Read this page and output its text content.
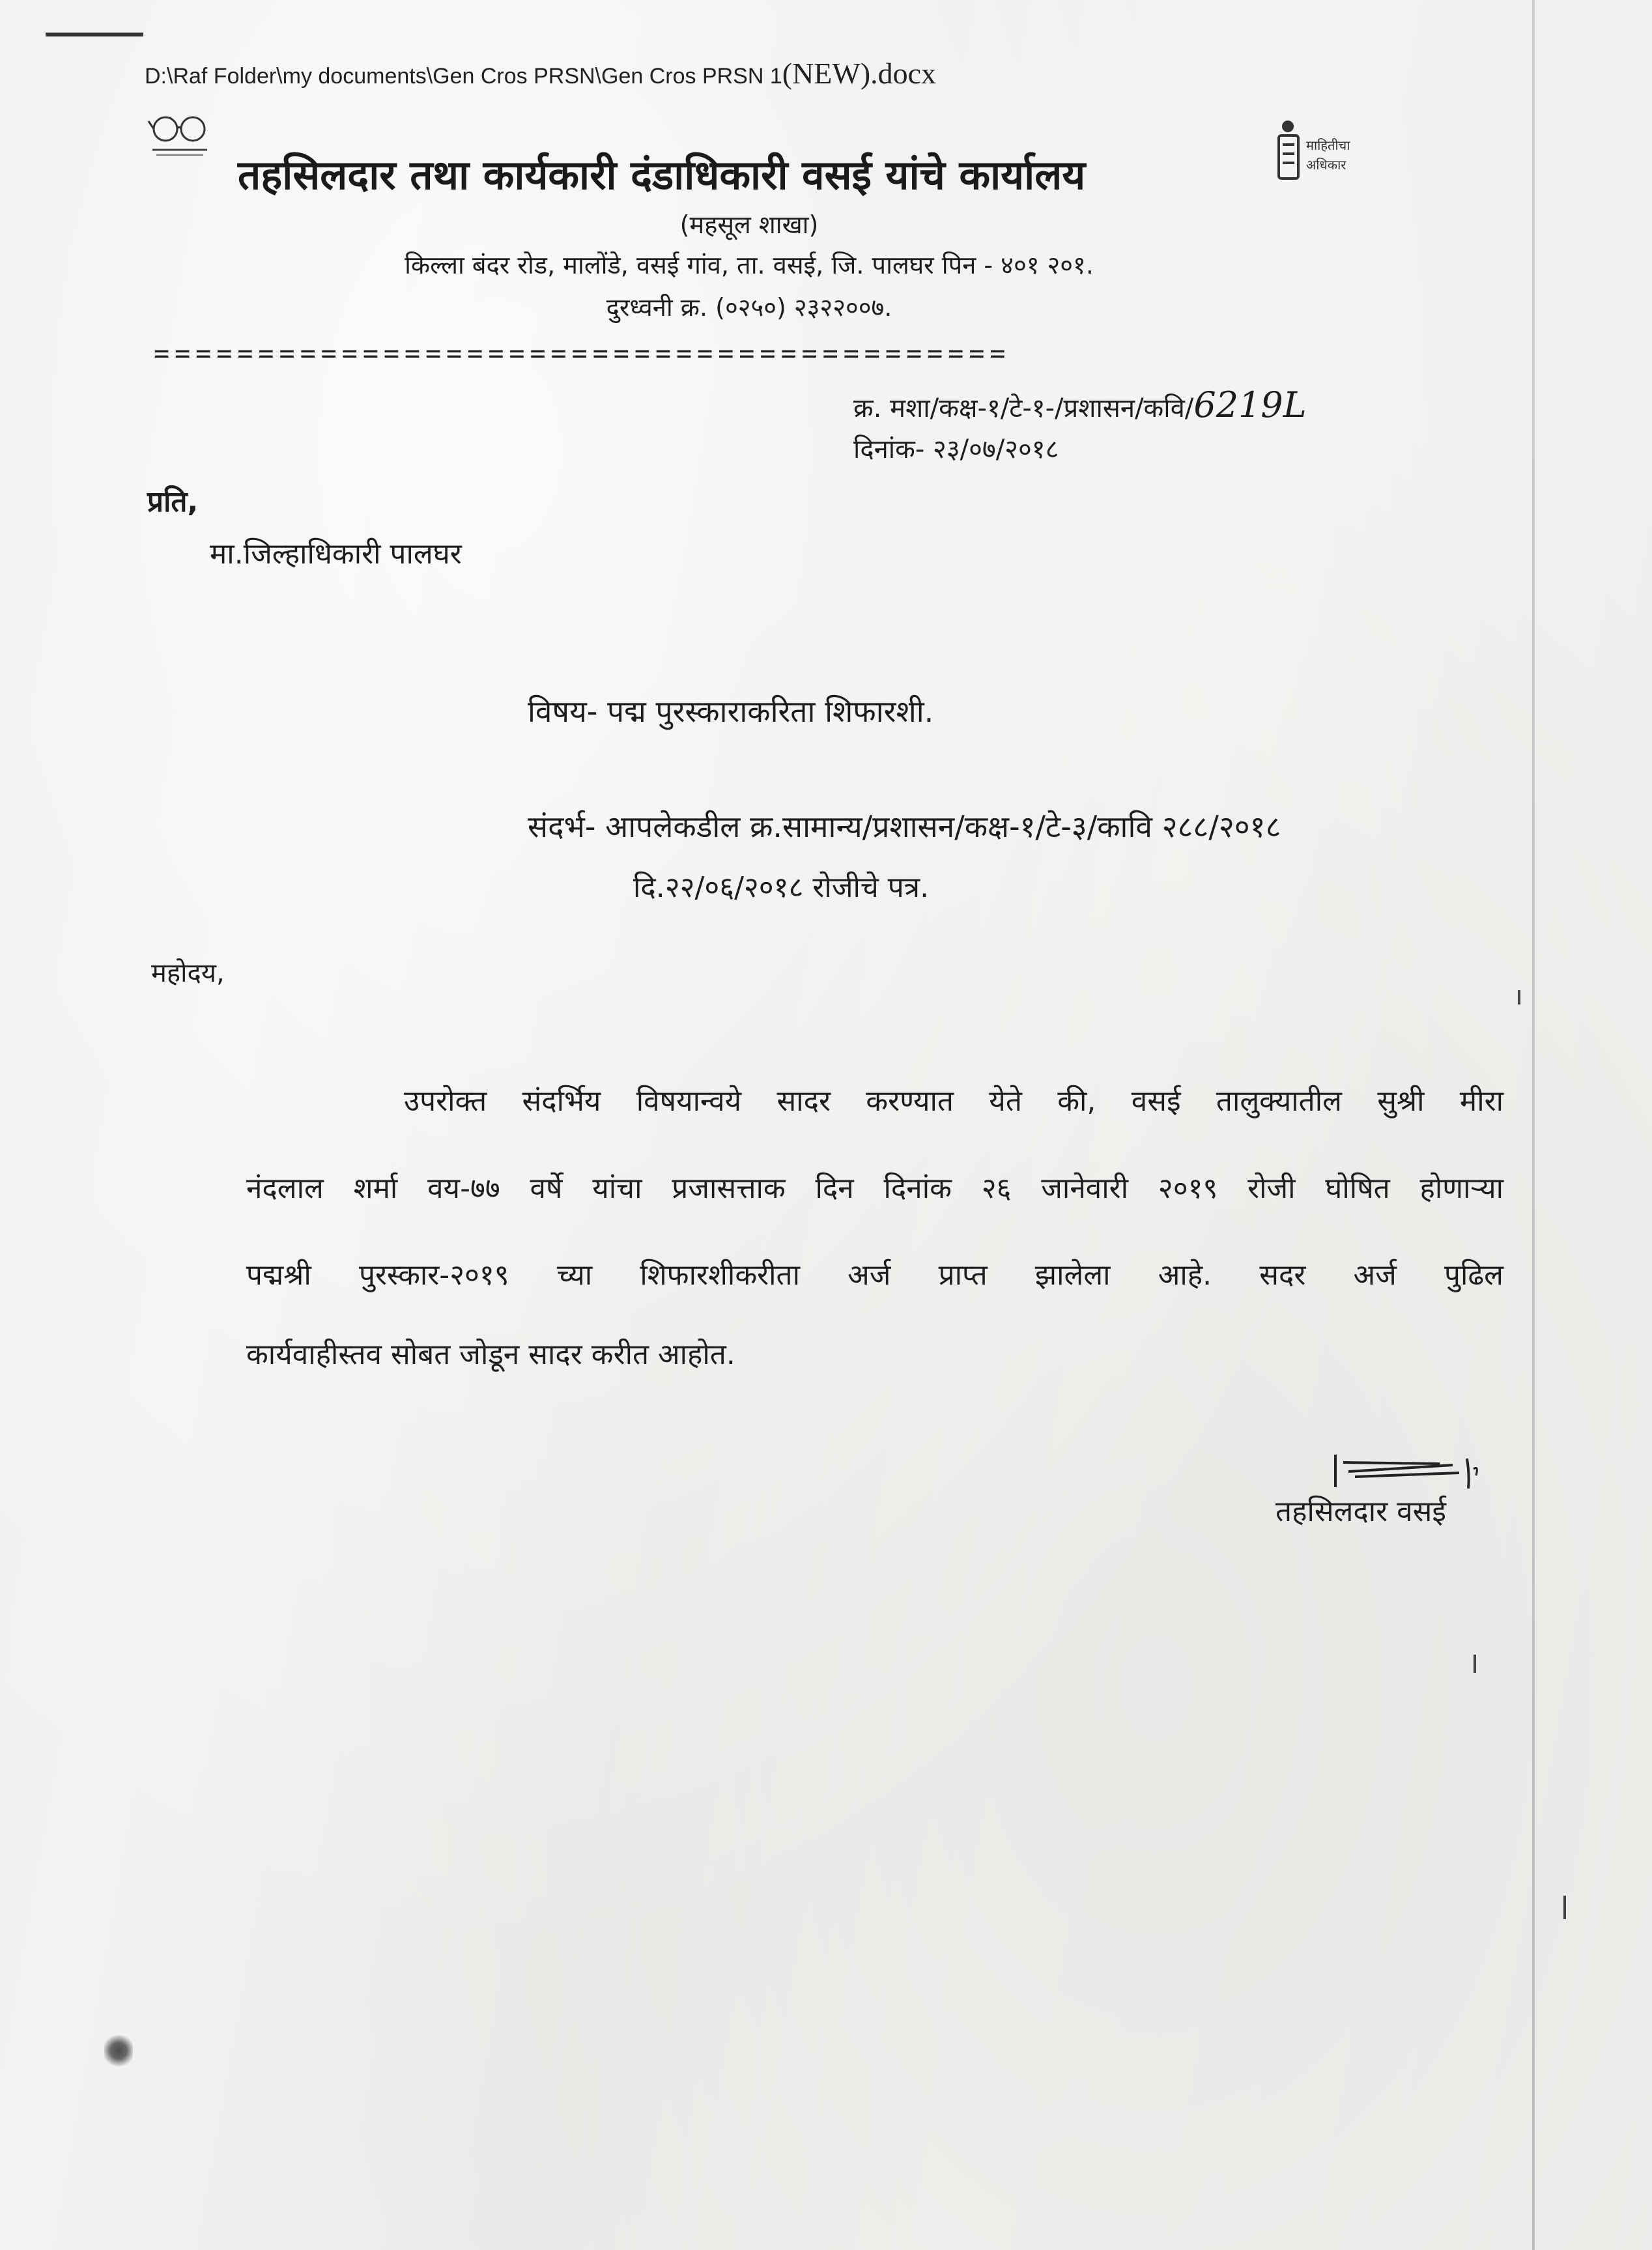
D:\Raf Folder\my documents\Gen Cros PRSN\Gen Cros PRSN 1(NEW).docx
तहसिलदार तथा कार्यकारी दंडाधिकारी वसई यांचे कार्यालय
माहितीचा
अधिकार
(महसूल शाखा)
किल्ला बंदर रोड, मालोंडे, वसई गांव, ता. वसई, जि. पालघर पिन - ४०१ २०१.
दुरध्वनी क्र. (०२५०) २३२२००७.
=========================================
क्र. मशा/कक्ष-१/टे-१-/प्रशासन/कवि/6219L
दिनांक- २३/०७/२०१८
प्रति,
मा.जिल्हाधिकारी पालघर
विषय- पद्म पुरस्काराकरिता शिफारशी.
संदर्भ- आपलेकडील क्र.सामान्य/प्रशासन/कक्ष-१/टे-३/कावि २८८/२०१८
दि.२२/०६/२०१८ रोजीचे पत्र.
महोदय,
उपरोक्त संदर्भिय विषयान्वये सादर करण्यात येते की, वसई तालुक्यातील सुश्री मीरा
नंदलाल शर्मा वय-७७ वर्षे यांचा प्रजासत्ताक दिन दिनांक २६ जानेवारी २०१९ रोजी घोषित होणाऱ्या
पद्मश्री पुरस्कार-२०१९ च्या शिफारशीकरीता अर्ज प्राप्त झालेला आहे. सदर अर्ज पुढिल
कार्यवाहीस्तव सोबत जोडून सादर करीत आहोत.
तहसिलदार वसई
